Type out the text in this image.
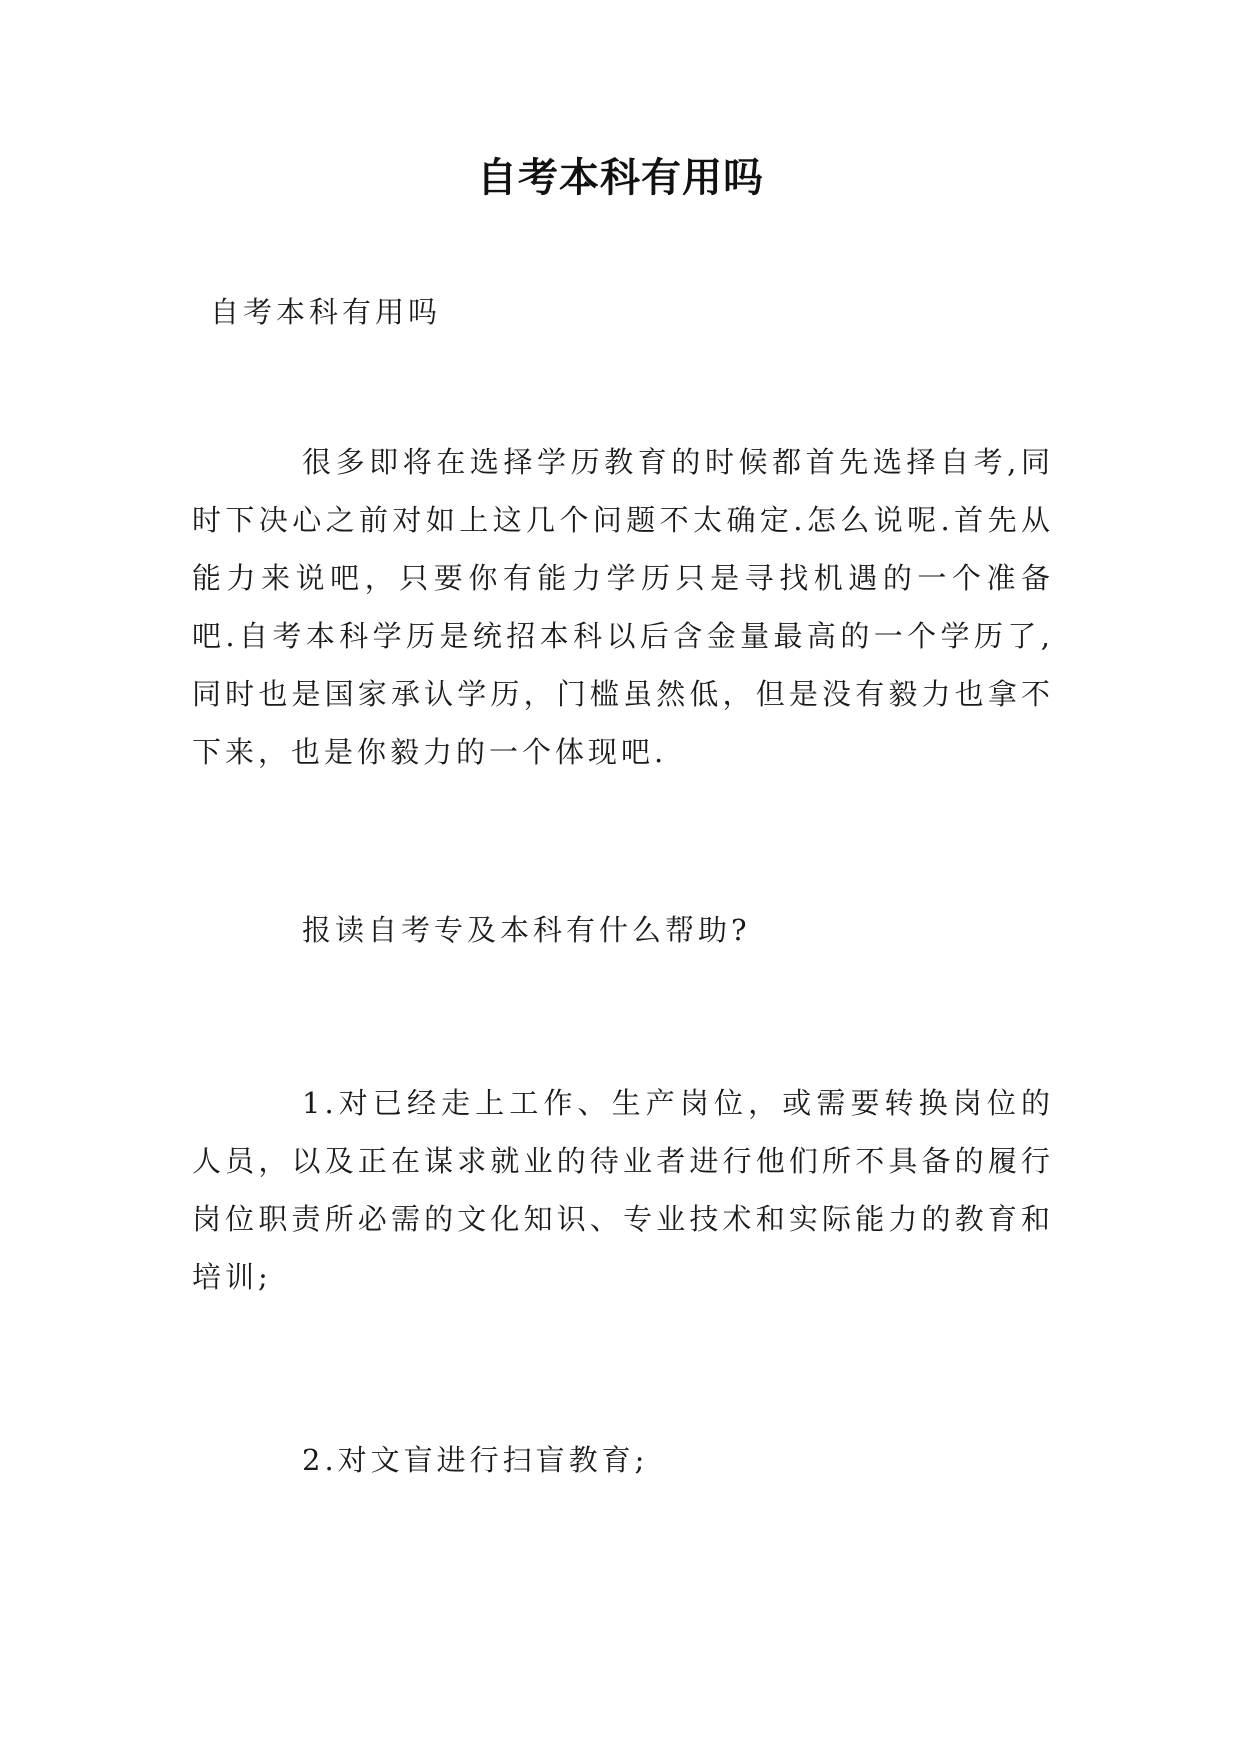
自考本科有用吗
自考本科有用吗

很多即将在选择学历教育的时候都首先选择自考,同时下决心之前对如上这几个问题不太确定.怎么说呢.首先从能力来说吧，只要你有能力学历只是寻找机遇的一个准备吧.自考本科学历是统招本科以后含金量最高的一个学历了,同时也是国家承认学历，门槛虽然低，但是没有毅力也拿不下来，也是你毅力的一个体现吧.

报读自考专及本科有什么帮助?

1.对已经走上工作、生产岗位，或需要转换岗位的人员，以及正在谋求就业的待业者进行他们所不具备的履行岗位职责所必需的文化知识、专业技术和实际能力的教育和培训;

2.对文盲进行扫盲教育;
